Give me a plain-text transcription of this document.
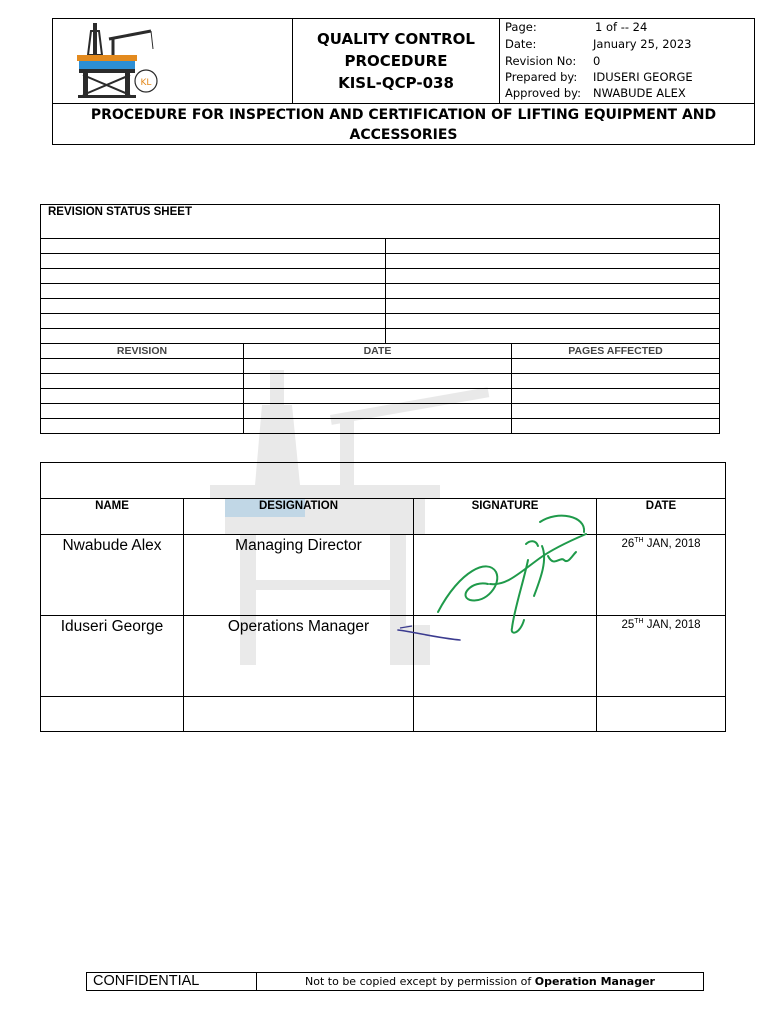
KL
QUALITY CONTROL
PROCEDURE
KISL-QCP-038
Page:	1 of -- 24
Date:	January 25, 2023
Revision No: 0
Prepared by: IDUSERI GEORGE
Approved by: NWABUDE ALEX
PROCEDURE FOR INSPECTION AND CERTIFICATION OF LIFTING EQUIPMENT AND ACCESSORIES
REVISION STATUS SHEET

REVISION	DATE	PAGES AFFECTED

NAME	DESIGNATION	SIGNATURE	DATE
Nwabude Alex	Managing Director		26TH JAN, 2018
Iduseri George	Operations Manager		25TH JAN, 2018

CONFIDENTIAL	Not to be copied except by permission of Operation Manager
